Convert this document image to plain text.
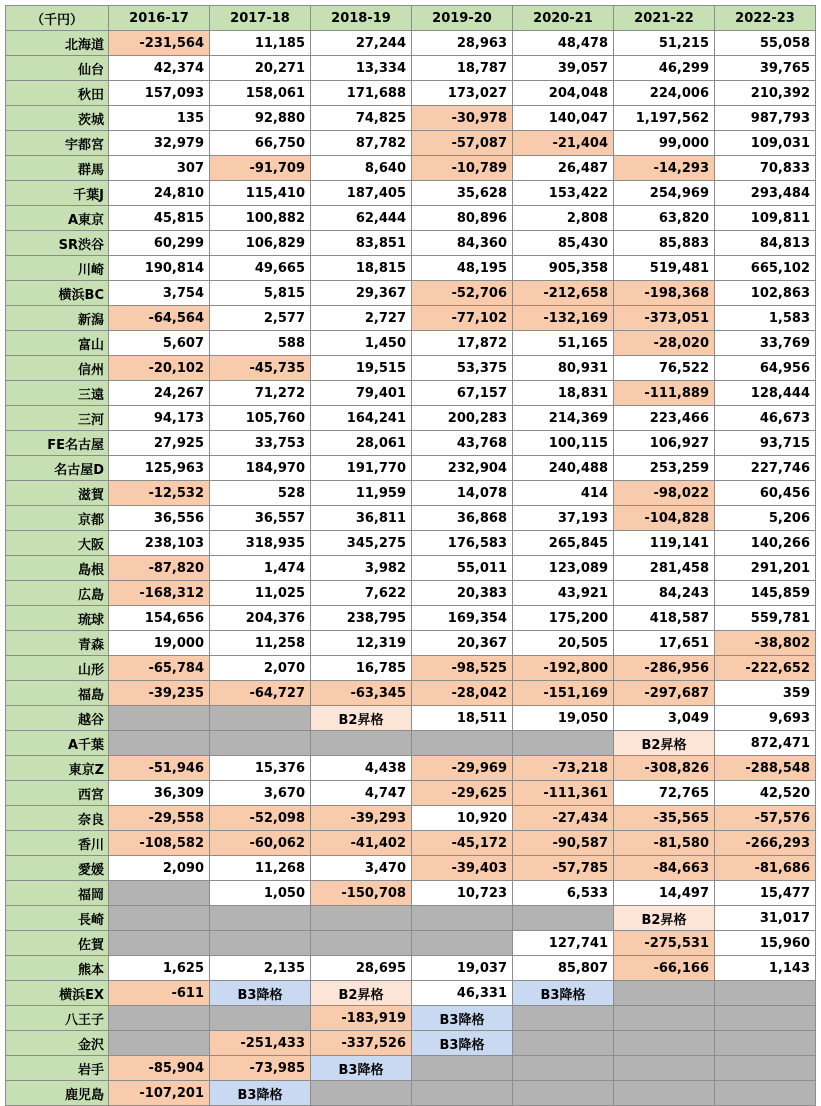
（千円）	2016-17	2017-18	2018-19	2019-20	2020-21	2021-22	2022-23
北海道	-231,564	11,185	27,244	28,963	48,478	51,215	55,058
仙台	42,374	20,271	13,334	18,787	39,057	46,299	39,765
秋田	157,093	158,061	171,688	173,027	204,048	224,006	210,392
茨城	135	92,880	74,825	-30,978	140,047	1,197,562	987,793
宇都宮	32,979	66,750	87,782	-57,087	-21,404	99,000	109,031
群馬	307	-91,709	8,640	-10,789	26,487	-14,293	70,833
千葉J	24,810	115,410	187,405	35,628	153,422	254,969	293,484
A東京	45,815	100,882	62,444	80,896	2,808	63,820	109,811
SR渋谷	60,299	106,829	83,851	84,360	85,430	85,883	84,813
川崎	190,814	49,665	18,815	48,195	905,358	519,481	665,102
横浜BC	3,754	5,815	29,367	-52,706	-212,658	-198,368	102,863
新潟	-64,564	2,577	2,727	-77,102	-132,169	-373,051	1,583
富山	5,607	588	1,450	17,872	51,165	-28,020	33,769
信州	-20,102	-45,735	19,515	53,375	80,931	76,522	64,956
三遠	24,267	71,272	79,401	67,157	18,831	-111,889	128,444
三河	94,173	105,760	164,241	200,283	214,369	223,466	46,673
FE名古屋	27,925	33,753	28,061	43,768	100,115	106,927	93,715
名古屋D	125,963	184,970	191,770	232,904	240,488	253,259	227,746
滋賀	-12,532	528	11,959	14,078	414	-98,022	60,456
京都	36,556	36,557	36,811	36,868	37,193	-104,828	5,206
大阪	238,103	318,935	345,275	176,583	265,845	119,141	140,266
島根	-87,820	1,474	3,982	55,011	123,089	281,458	291,201
広島	-168,312	11,025	7,622	20,383	43,921	84,243	145,859
琉球	154,656	204,376	238,795	169,354	175,200	418,587	559,781
青森	19,000	11,258	12,319	20,367	20,505	17,651	-38,802
山形	-65,784	2,070	16,785	-98,525	-192,800	-286,956	-222,652
福島	-39,235	-64,727	-63,345	-28,042	-151,169	-297,687	359
越谷			B2昇格	18,511	19,050	3,049	9,693
A千葉						B2昇格	872,471
東京Z	-51,946	15,376	4,438	-29,969	-73,218	-308,826	-288,548
西宮	36,309	3,670	4,747	-29,625	-111,361	72,765	42,520
奈良	-29,558	-52,098	-39,293	10,920	-27,434	-35,565	-57,576
香川	-108,582	-60,062	-41,402	-45,172	-90,587	-81,580	-266,293
愛媛	2,090	11,268	3,470	-39,403	-57,785	-84,663	-81,686
福岡		1,050	-150,708	10,723	6,533	14,497	15,477
長崎						B2昇格	31,017
佐賀					127,741	-275,531	15,960
熊本	1,625	2,135	28,695	19,037	85,807	-66,166	1,143
横浜EX	-611	B3降格	B2昇格	46,331	B3降格		
八王子			-183,919	B3降格			
金沢		-251,433	-337,526	B3降格			
岩手	-85,904	-73,985	B3降格				
鹿児島	-107,201	B3降格					
